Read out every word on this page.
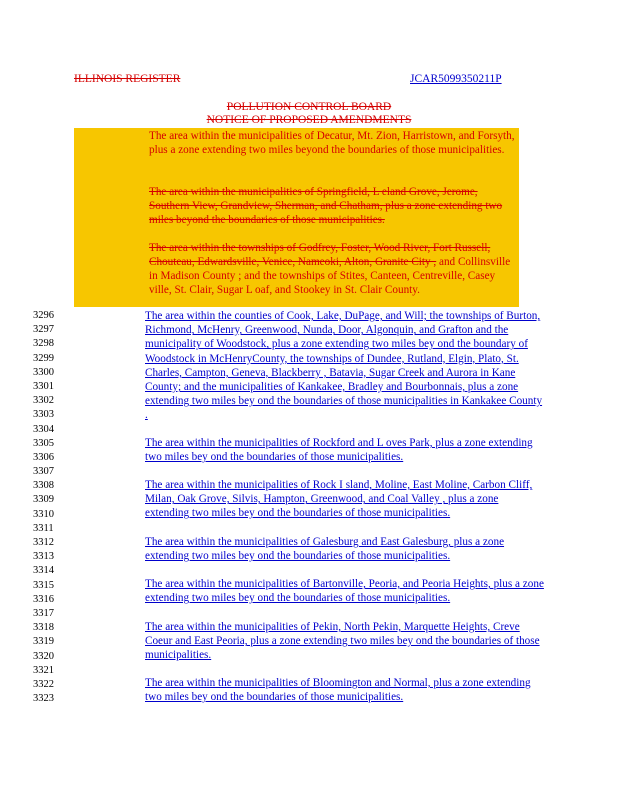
ILLINOIS REGISTER	JCAR5099350211P
POLLUTION CONTROL BOARD
NOTICE OF PROPOSED AMENDMENTS
The area within the municipalities of Decatur, Mt. Zion, Harristown, and Forsyth, plus a zone extending two miles beyond the boundaries of those municipalities.
The area within the municipalities of Springfield, L eland Grove, Jerome, Southern View, Grandview, Sherman, and Chatham, plus a zone extending two miles beyond the boundaries of those municipalities.
The area within the townships of Godfrey, Foster, Wood River, Fort Russell, Chouteau, Edwardsville, Venice, Nameoki, Alton, Granite City , and Collinsville in Madison County ; and the townships of Stites, Canteen, Centreville, Casey ville, St. Clair, Sugar L oaf, and Stookey in St. Clair County.
3296
3297
3298
3299
3300
3301
3302
3303
3304
3305
3306
3307
3308
3309
3310
3311
3312
3313
3314
3315
3316
3317
3318
3319
3320
3321
3322
3323
The area within the counties of Cook, Lake, DuPage, and Will; the townships of Burton, Richmond, McHenry, Greenwood, Nunda, Door, Algonquin, and Grafton and the municipality of Woodstock, plus a zone extending two miles bey ond the boundary of Woodstock in McHenryCounty, the townships of Dundee, Rutland, Elgin, Plato, St. Charles, Campton, Geneva, Blackberry , Batavia, Sugar Creek and Aurora in Kane County; and the municipalities of Kankakee, Bradley and Bourbonnais, plus a zone extending two miles bey ond the boundaries of those municipalities in Kankakee County .
The area within the municipalities of Rockford and L oves Park, plus a zone extending two miles bey ond the boundaries of those municipalities.
The area within the municipalities of Rock I sland, Moline, East Moline, Carbon Cliff, Milan, Oak Grove, Silvis, Hampton, Greenwood, and Coal Valley , plus a zone extending two miles bey ond the boundaries of those municipalities.
The area within the municipalities of Galesburg and East Galesburg, plus a zone extending two miles bey ond the boundaries of those municipalities.
The area within the municipalities of Bartonville, Peoria, and Peoria Heights, plus a zone extending two miles bey ond the boundaries of those municipalities.
The area within the municipalities of Pekin, North Pekin, Marquette Heights, Creve Coeur and East Peoria, plus a zone extending two miles bey ond the boundaries of those municipalities.
The area within the municipalities of Bloomington and Normal, plus a zone extending two miles bey ond the boundaries of those municipalities.
